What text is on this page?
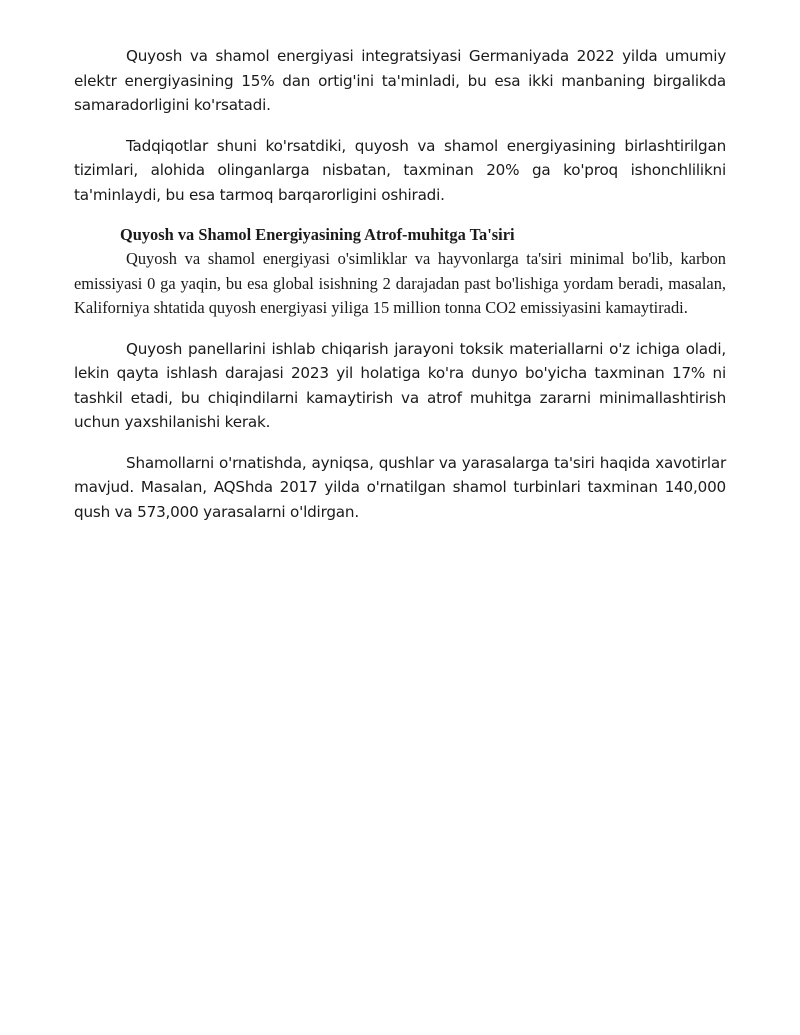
Quyosh va shamol energiyasi integratsiyasi Germaniyada 2022 yilda umumiy elektr energiyasining 15% dan ortig'ini ta'minladi, bu esa ikki manbaning birgalikda samaradorligini ko'rsatadi.

Tadqiqotlar shuni ko'rsatdiki, quyosh va shamol energiyasining birlashtirilgan tizimlari, alohida olinganlarga nisbatan, taxminan 20% ga ko'proq ishonchlilikni ta'minlaydi, bu esa tarmoq barqarorligini oshiradi.

Quyosh va Shamol Energiyasining Atrof-muhitga Ta'siri

Quyosh va shamol energiyasi o'simliklar va hayvonlarga ta'siri minimal bo'lib, karbon emissiyasi 0 ga yaqin, bu esa global isishning 2 darajadan past bo'lishiga yordam beradi, masalan, Kaliforniya shtatida quyosh energiyasi yiliga 15 million tonna CO2 emissiyasini kamaytiradi.

Quyosh panellarini ishlab chiqarish jarayoni toksik materiallarni o'z ichiga oladi, lekin qayta ishlash darajasi 2023 yil holatiga ko'ra dunyo bo'yicha taxminan 17% ni tashkil etadi, bu chiqindilarni kamaytirish va atrof muhitga zararni minimallashtirish uchun yaxshilanishi kerak.

Shamollarni o'rnatishda, ayniqsa, qushlar va yarasalarga ta'siri haqida xavotirlar mavjud. Masalan, AQShda 2017 yilda o'rnatilgan shamol turbinlari taxminan 140,000 qush va 573,000 yarasalarni o'ldirgan.
